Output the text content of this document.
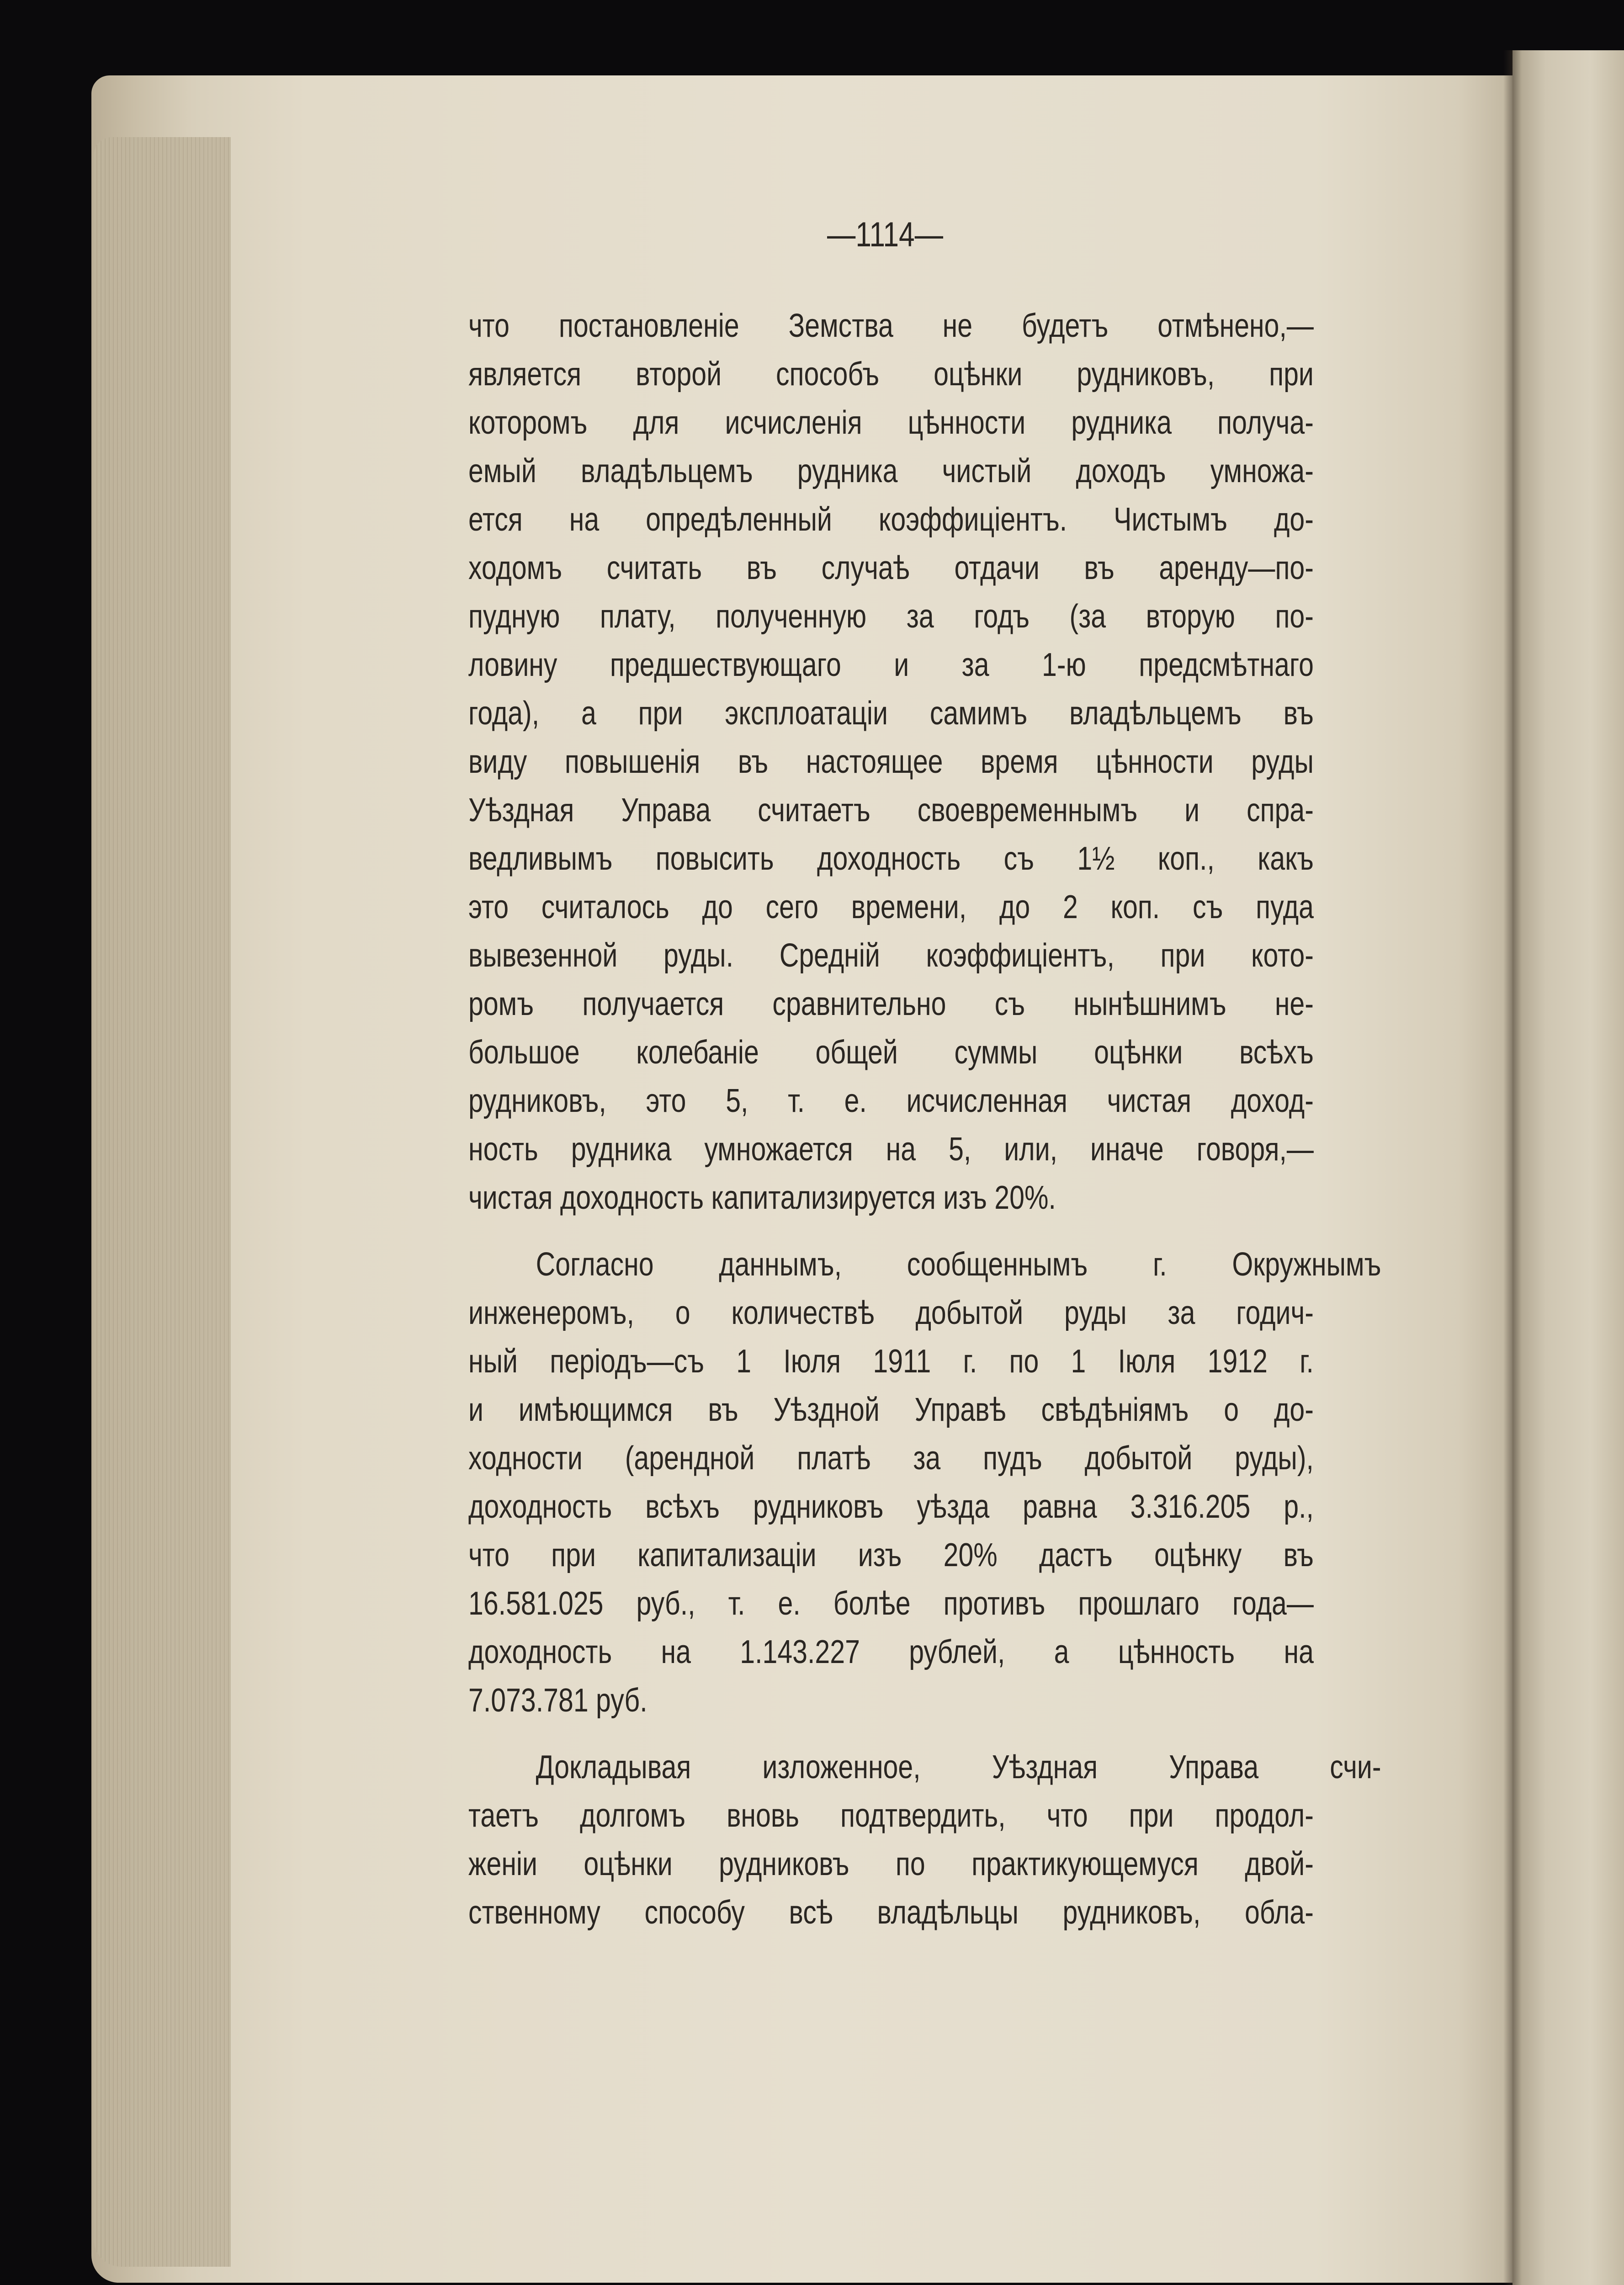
—1114—

что постановленіе Земства не будетъ отмѣнено,—

является второй способъ оцѣнки рудниковъ, при

которомъ для исчисленія цѣнности рудника получа-

емый владѣльцемъ рудника чистый доходъ умножа-

ется на опредѣленный коэффиціентъ. Чистымъ до-

ходомъ считать въ случаѣ отдачи въ аренду—по-

пудную плату, полученную за годъ (за вторую по-

ловину предшествующаго и за 1-ю предсмѣтнаго

года), а при эксплоатаціи самимъ владѣльцемъ въ

виду повышенія въ настоящее время цѣнности руды

Уѣздная Управа считаетъ своевременнымъ и спра-

ведливымъ повысить доходность съ 1½ коп., какъ

это считалось до сего времени, до 2 коп. съ пуда

вывезенной руды. Среднiй коэффиціентъ, при кото-

ромъ получается сравнительно съ нынѣшнимъ не-

большое колебаніе общей суммы оцѣнки всѣхъ

рудниковъ, это 5, т. е. исчисленная чистая доход-

ность рудника умножается на 5, или, иначе говоря,—

чистая доходность капитализируется изъ 20%.

Согласно даннымъ, сообщеннымъ г. Окружнымъ

инженеромъ, о количествѣ добытой руды за годич-

ный періодъ—съ 1 Іюля 1911 г. по 1 Іюля 1912 г.

и имѣющимся въ Уѣздной Управѣ свѣдѣніямъ о до-

ходности (арендной платѣ за пудъ добытой руды),

доходность всѣхъ рудниковъ уѣзда равна 3.316.205 р.,

что при капитализаціи изъ 20% дастъ оцѣнку въ

16.581.025 руб., т. е. болѣе противъ прошлаго года—

доходность на 1.143.227 рублей, а цѣнность на

7.073.781 руб.

Докладывая изложенное, Уѣздная Управа счи-

таетъ долгомъ вновь подтвердить, что при продол-

женіи оцѣнки рудниковъ по практикующемуся двой-

ственному способу всѣ владѣльцы рудниковъ, обла-
